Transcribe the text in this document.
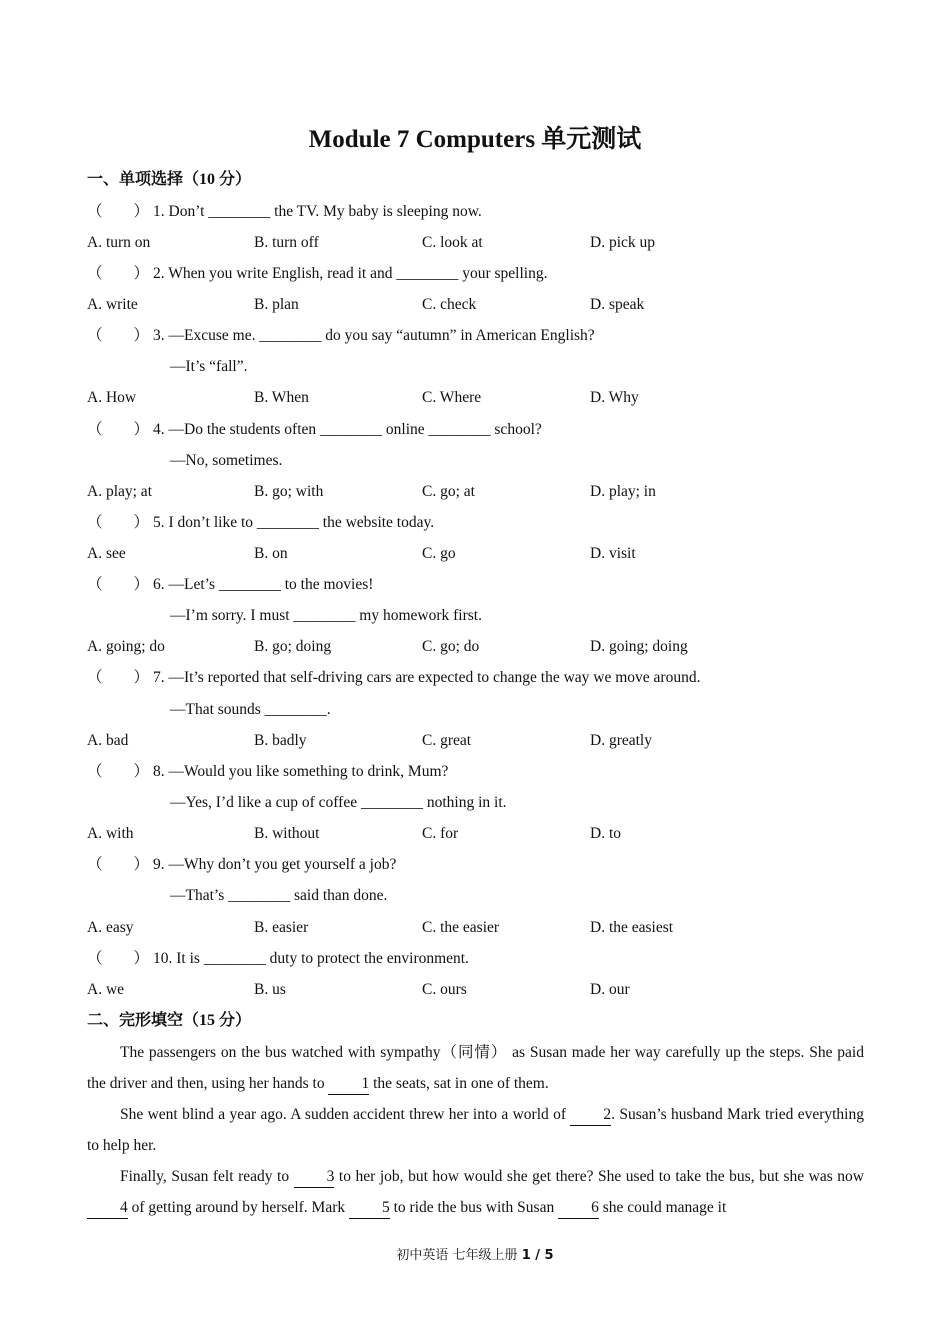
Module 7 Computers 单元测试
一、单项选择（10 分）
（　　） 1. Don’t ________ the TV. My baby is sleeping now.
A. turn on	B. turn off	C. look at	D. pick up
（　　） 2. When you write English, read it and ________ your spelling.
A. write	B. plan	C. check	D. speak
（　　） 3. —Excuse me. ________ do you say “autumn” in American English?
—It’s “fall”.
A. How	B. When	C. Where	D. Why
（　　） 4. —Do the students often ________ online ________ school?
—No, sometimes.
A. play; at	B. go; with	C. go; at	D. play; in
（　　） 5. I don’t like to ________ the website today.
A. see	B. on	C. go	D. visit
（　　） 6. —Let’s ________ to the movies!
—I’m sorry. I must ________ my homework first.
A. going; do	B. go; doing	C. go; do	D. going; doing
（　　） 7. —It’s reported that self-driving cars are expected to change the way we move around.
—That sounds ________.
A. bad	B. badly	C. great	D. greatly
（　　） 8. —Would you like something to drink, Mum?
—Yes, I’d like a cup of coffee ________ nothing in it.
A. with	B. without	C. for	D. to
（　　） 9. —Why don’t you get yourself a job?
—That’s ________ said than done.
A. easy	B. easier	C. the easier	D. the easiest
（　　） 10. It is ________ duty to protect the environment.
A. we	B. us	C. ours	D. our
二、完形填空（15 分）

The passengers on the bus watched with sympathy（同情） as Susan made her way carefully up the steps. She paid the driver and then, using her hands to 1 the seats, sat in one of them.

She went blind a year ago. A sudden accident threw her into a world of 2. Susan’s husband Mark tried everything to help her.

Finally, Susan felt ready to 3 to her job, but how would she get there? She used to take the bus, but she was now 4 of getting around by herself. Mark 5 to ride the bus with Susan 6 she could manage it

初中英语 七年级上册 1 / 5
